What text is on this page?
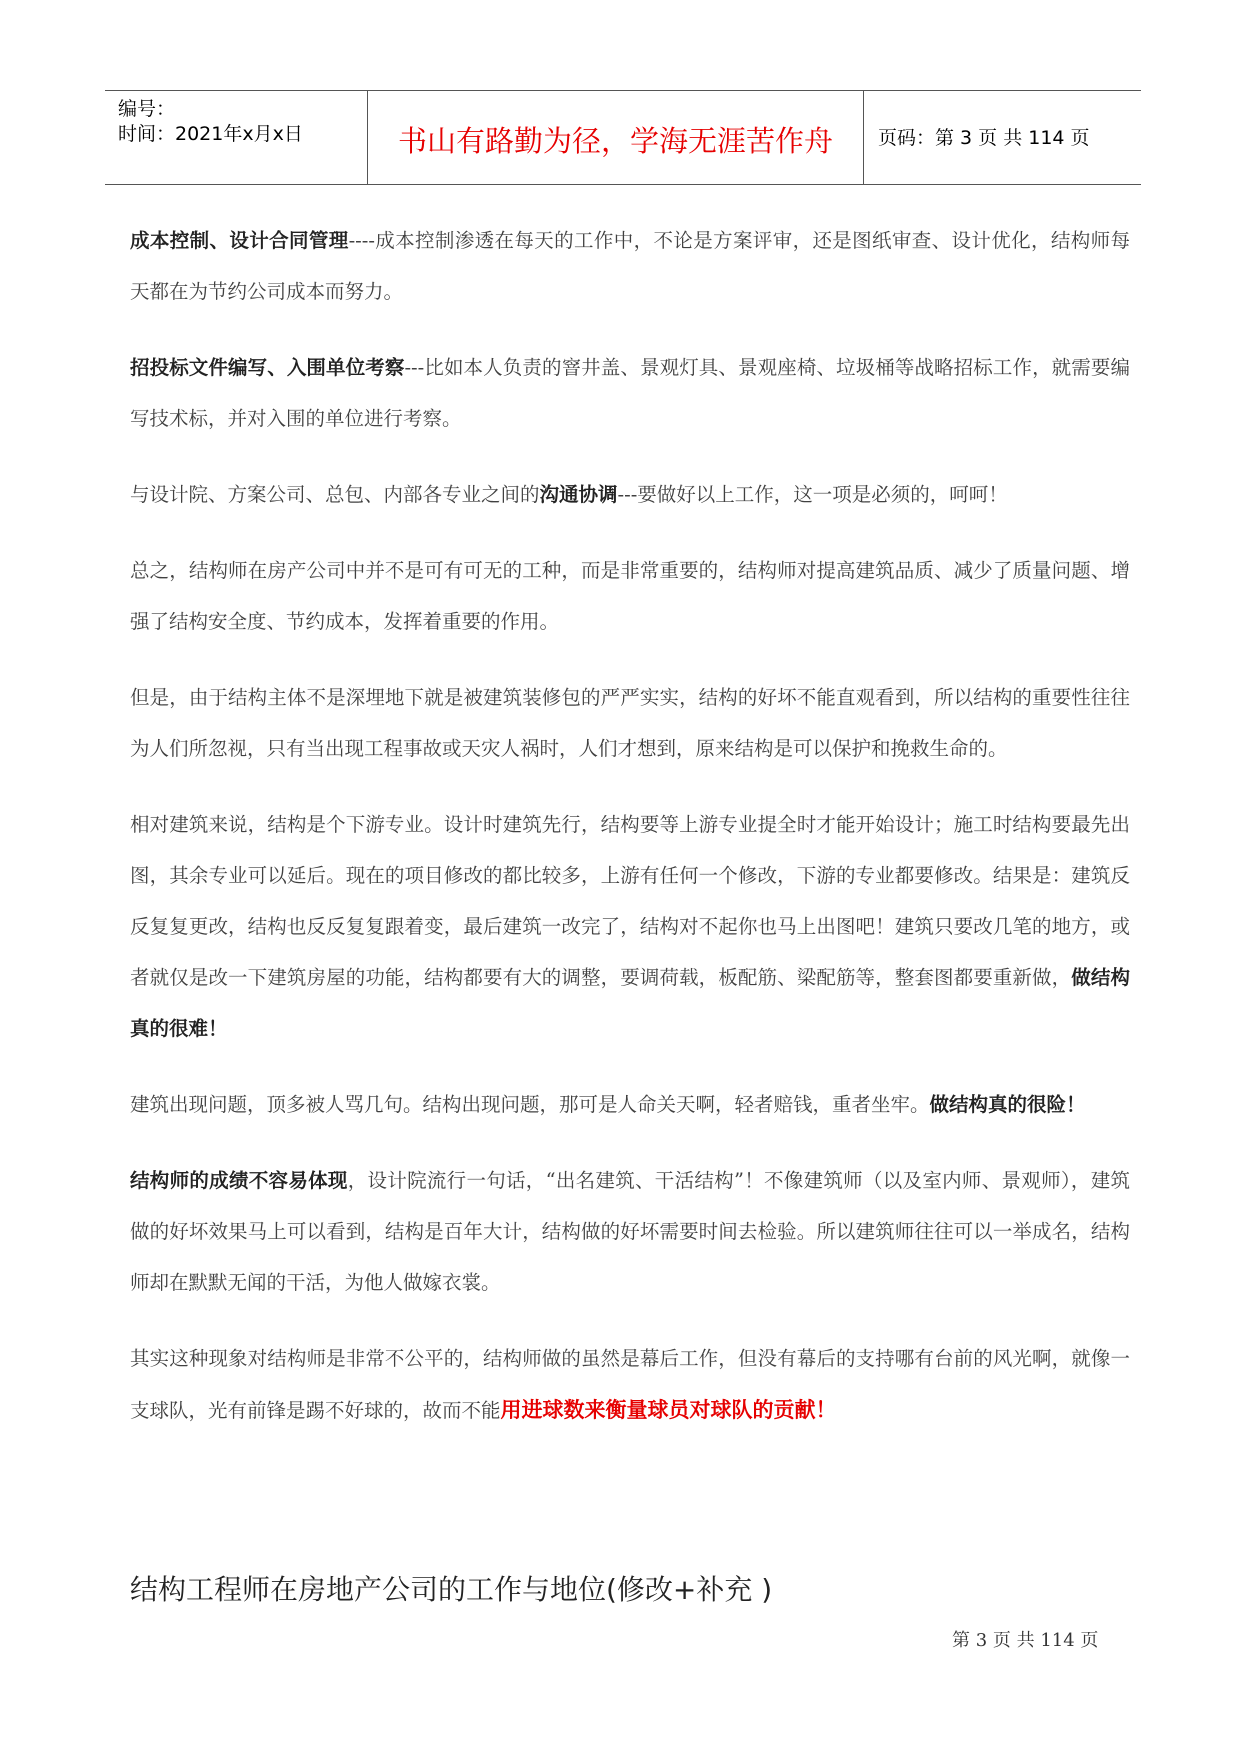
编号：
时间：2021年x月x日	书山有路勤为径，学海无涯苦作舟	页码：第 3 页 共 114 页

成本控制、设计合同管理----成本控制渗透在每天的工作中，不论是方案评审，还是图纸审查、设计优化，结构师每天都在为节约公司成本而努力。

招投标文件编写、入围单位考察---比如本人负责的窨井盖、景观灯具、景观座椅、垃圾桶等战略招标工作，就需要编写技术标，并对入围的单位进行考察。

与设计院、方案公司、总包、内部各专业之间的沟通协调---要做好以上工作，这一项是必须的，呵呵！

总之，结构师在房产公司中并不是可有可无的工种，而是非常重要的，结构师对提高建筑品质、减少了质量问题、增强了结构安全度、节约成本，发挥着重要的作用。

但是，由于结构主体不是深埋地下就是被建筑装修包的严严实实，结构的好坏不能直观看到，所以结构的重要性往往为人们所忽视，只有当出现工程事故或天灾人祸时，人们才想到，原来结构是可以保护和挽救生命的。

相对建筑来说，结构是个下游专业。设计时建筑先行，结构要等上游专业提全时才能开始设计；施工时结构要最先出图，其余专业可以延后。现在的项目修改的都比较多，上游有任何一个修改，下游的专业都要修改。结果是：建筑反反复复更改，结构也反反复复跟着变，最后建筑一改完了，结构对不起你也马上出图吧！建筑只要改几笔的地方，或者就仅是改一下建筑房屋的功能，结构都要有大的调整，要调荷载，板配筋、梁配筋等，整套图都要重新做，做结构真的很难！

建筑出现问题，顶多被人骂几句。结构出现问题，那可是人命关天啊，轻者赔钱，重者坐牢。做结构真的很险！

结构师的成绩不容易体现，设计院流行一句话，“出名建筑、干活结构”！不像建筑师（以及室内师、景观师），建筑做的好坏效果马上可以看到，结构是百年大计，结构做的好坏需要时间去检验。所以建筑师往往可以一举成名，结构师却在默默无闻的干活，为他人做嫁衣裳。

其实这种现象对结构师是非常不公平的，结构师做的虽然是幕后工作，但没有幕后的支持哪有台前的风光啊，就像一支球队，光有前锋是踢不好球的，故而不能用进球数来衡量球员对球队的贡献！

结构工程师在房地产公司的工作与地位(修改+补充 )
第 3 页 共 114 页
